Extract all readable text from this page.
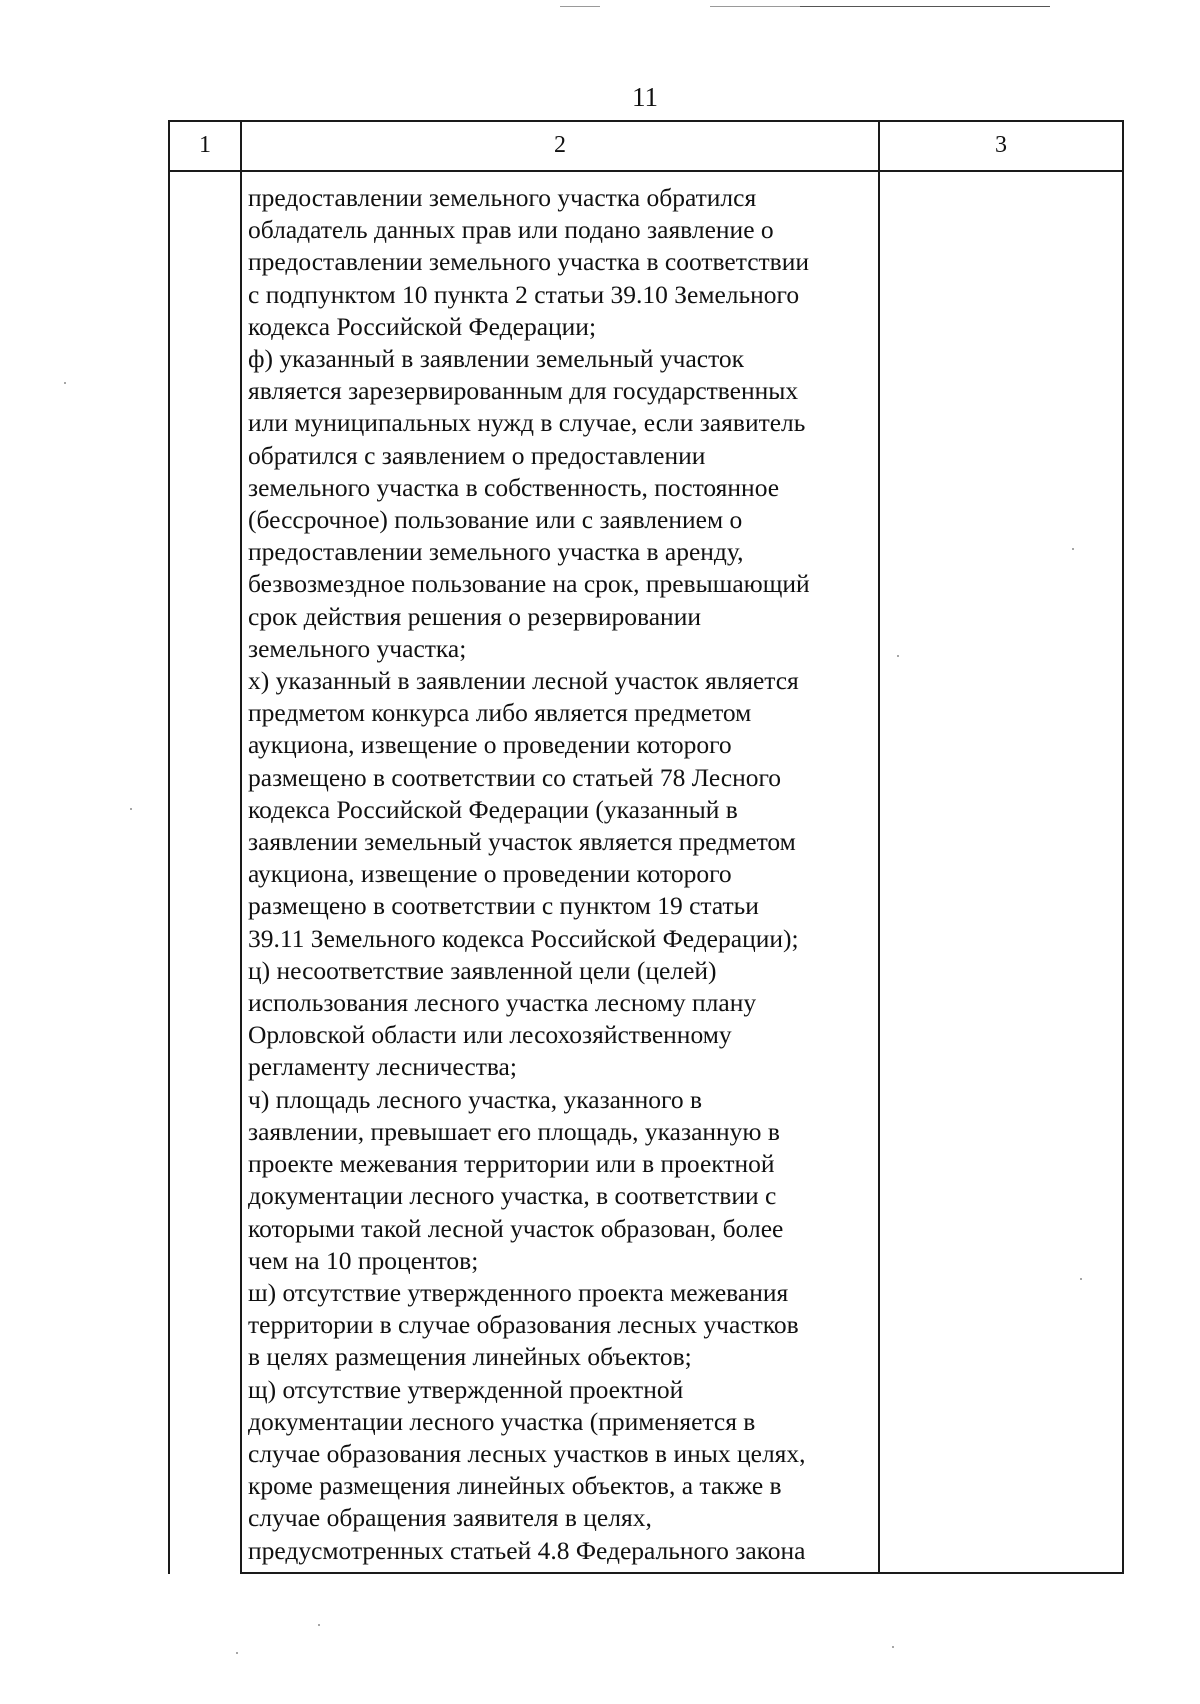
11
1	2	3
предоставлении земельного участка обратился
обладатель данных прав или подано заявление о
предоставлении земельного участка в соответствии
с подпунктом 10 пункта 2 статьи 39.10 Земельного
кодекса Российской Федерации;
ф) указанный в заявлении земельный участок
является зарезервированным для государственных
или муниципальных нужд в случае, если заявитель
обратился с заявлением о предоставлении
земельного участка в собственность, постоянное
(бессрочное) пользование или с заявлением о
предоставлении земельного участка в аренду,
безвозмездное пользование на срок, превышающий
срок действия решения о резервировании
земельного участка;
х) указанный в заявлении лесной участок является
предметом конкурса либо является предметом
аукциона, извещение о проведении которого
размещено в соответствии со статьей 78 Лесного
кодекса Российской Федерации (указанный в
заявлении земельный участок является предметом
аукциона, извещение о проведении которого
размещено в соответствии с пунктом 19 статьи
39.11 Земельного кодекса Российской Федерации);
ц) несоответствие заявленной цели (целей)
использования лесного участка лесному плану
Орловской области или лесохозяйственному
регламенту лесничества;
ч) площадь лесного участка, указанного в
заявлении, превышает его площадь, указанную в
проекте межевания территории или в проектной
документации лесного участка, в соответствии с
которыми такой лесной участок образован, более
чем на 10 процентов;
ш) отсутствие утвержденного проекта межевания
территории в случае образования лесных участков
в целях размещения линейных объектов;
щ) отсутствие утвержденной проектной
документации лесного участка (применяется в
случае образования лесных участков в иных целях,
кроме размещения линейных объектов, а также в
случае обращения заявителя в целях,
предусмотренных статьей 4.8 Федерального закона
